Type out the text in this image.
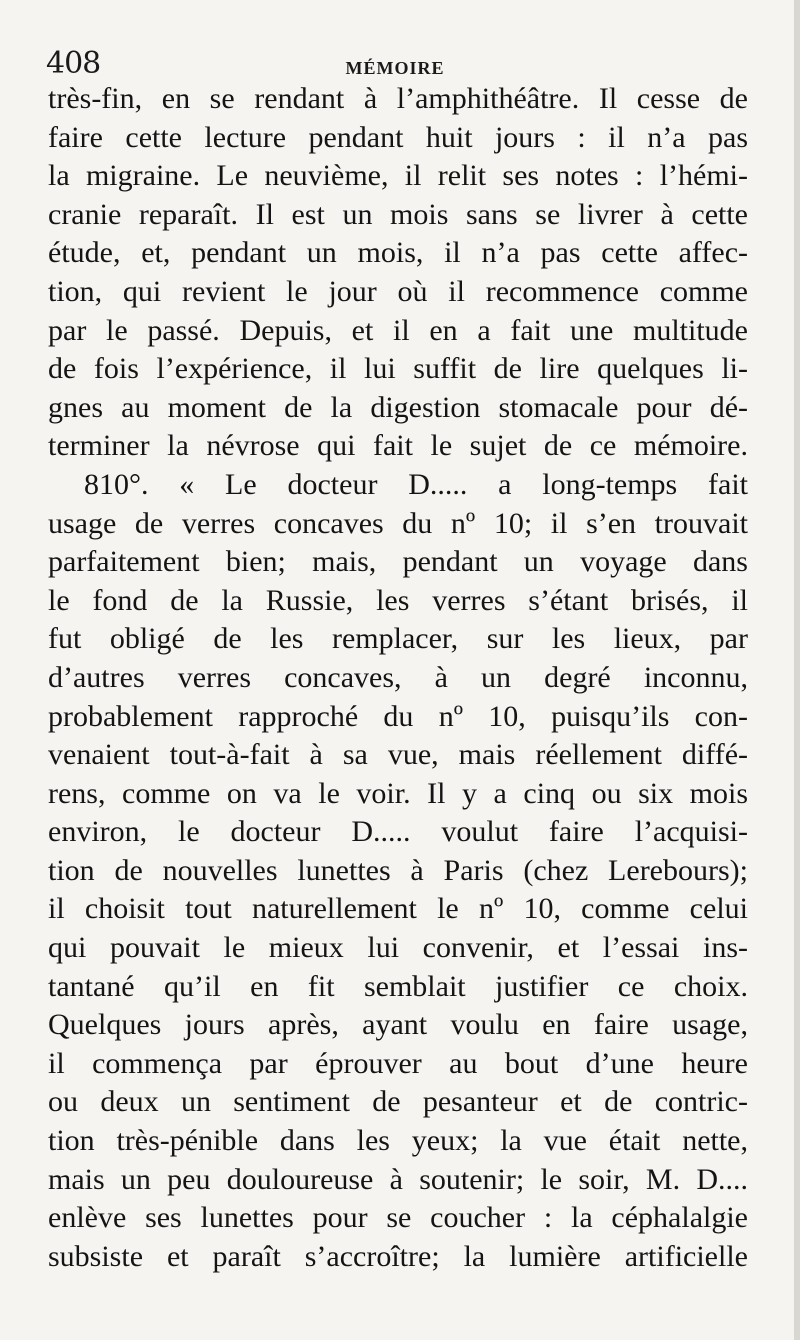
408	MÉMOIRE
très-fin, en se rendant à l’amphithéâtre. Il cesse de
faire cette lecture pendant huit jours : il n’a pas
la migraine. Le neuvième, il relit ses notes : l’hémi-
cranie reparaît. Il est un mois sans se livrer à cette
étude, et, pendant un mois, il n’a pas cette affec-
tion, qui revient le jour où il recommence comme
par le passé. Depuis, et il en a fait une multitude
de fois l’expérience, il lui suffit de lire quelques li-
gnes au moment de la digestion stomacale pour dé-
terminer la névrose qui fait le sujet de ce mémoire.
810°. « Le docteur D..... a long-temps fait
usage de verres concaves du nº 10; il s’en trouvait
parfaitement bien; mais, pendant un voyage dans
le fond de la Russie, les verres s’étant brisés, il
fut obligé de les remplacer, sur les lieux, par
d’autres verres concaves, à un degré inconnu,
probablement rapproché du nº 10, puisqu’ils con-
venaient tout-à-fait à sa vue, mais réellement diffé-
rens, comme on va le voir. Il y a cinq ou six mois
environ, le docteur D..... voulut faire l’acquisi-
tion de nouvelles lunettes à Paris (chez Lerebours);
il choisit tout naturellement le nº 10, comme celui
qui pouvait le mieux lui convenir, et l’essai ins-
tantané qu’il en fit semblait justifier ce choix.
Quelques jours après, ayant voulu en faire usage,
il commença par éprouver au bout d’une heure
ou deux un sentiment de pesanteur et de contric-
tion très-pénible dans les yeux; la vue était nette,
mais un peu douloureuse à soutenir; le soir, M. D....
enlève ses lunettes pour se coucher : la céphalalgie
subsiste et paraît s’accroître; la lumière artificielle
